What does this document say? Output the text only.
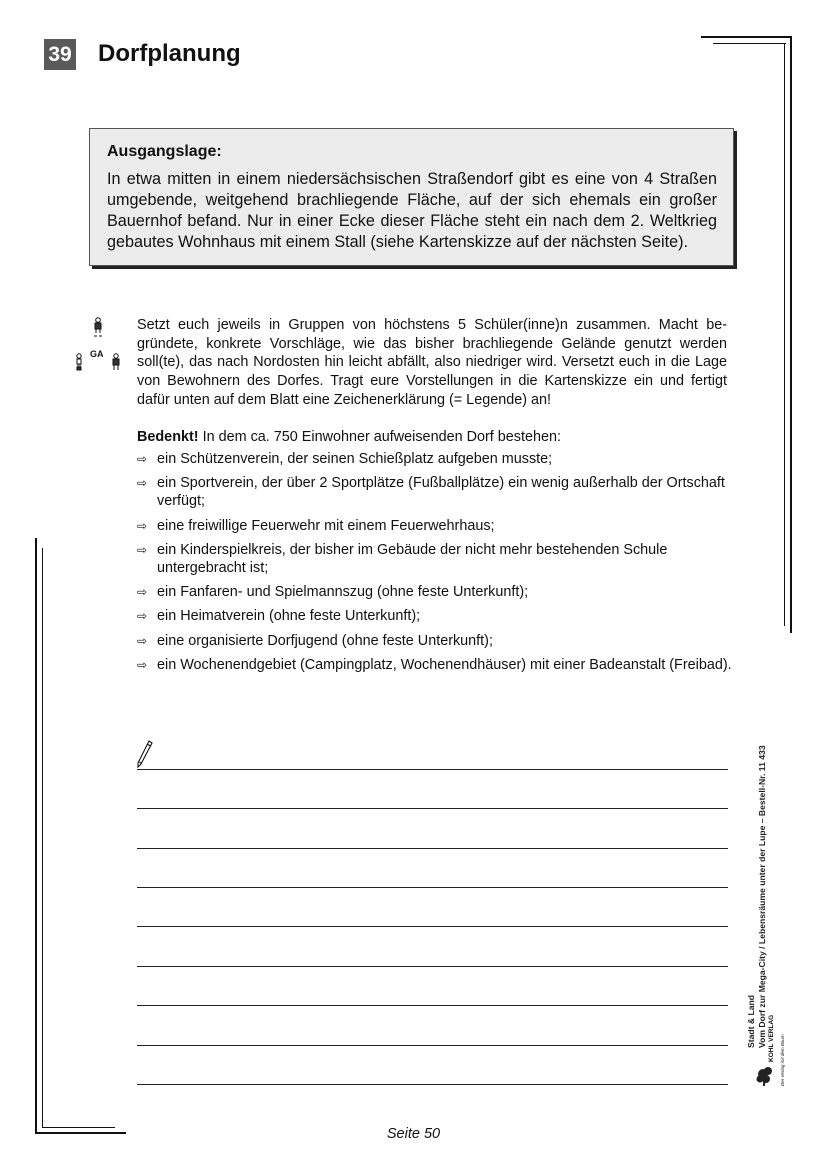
39 Dorfplanung
Ausgangslage:

In etwa mitten in einem niedersächsischen Straßendorf gibt es eine von 4 Straßen umgebende, weitgehend brachliegende Fläche, auf der sich ehemals ein großer Bauernhof befand. Nur in einer Ecke dieser Fläche steht ein nach dem 2. Weltkrieg gebautes Wohnhaus mit einem Stall (siehe Kartenskizze auf der nächsten Seite).

GA
Setzt euch jeweils in Gruppen von höchstens 5 Schüler(inne)n zusammen. Macht be-gründete, konkrete Vorschläge, wie das bisher brachliegende Gelände genutzt werden soll(te), das nach Nordosten hin leicht abfällt, also niedriger wird. Versetzt euch in die Lage von Bewohnern des Dorfes. Tragt eure Vorstellungen in die Kartenskizze ein und fertigt dafür unten auf dem Blatt eine Zeichenerklärung (= Legende) an!
Bedenkt! In dem ca. 750 Einwohner aufweisenden Dorf bestehen:
⇨ ein Schützenverein, der seinen Schießplatz aufgeben musste;
⇨ ein Sportverein, der über 2 Sportplätze (Fußballplätze) ein wenig außerhalb der Ortschaft verfügt;
⇨ eine freiwillige Feuerwehr mit einem Feuerwehrhaus;
⇨ ein Kinderspielkreis, der bisher im Gebäude der nicht mehr bestehenden Schule untergebracht ist;
⇨ ein Fanfaren- und Spielmannszug (ohne feste Unterkunft);
⇨ ein Heimatverein (ohne feste Unterkunft);
⇨ eine organisierte Dorfjugend (ohne feste Unterkunft);
⇨ ein Wochenendgebiet (Campingplatz, Wochenendhäuser) mit einer Badeanstalt (Freibad).
Stadt & Land Vom Dorf zur Mega-City / Lebensräume unter der Lupe – Bestell-Nr. 11 433 KOHL VERLAG Der Verlag mit dem Baum
Seite 50
